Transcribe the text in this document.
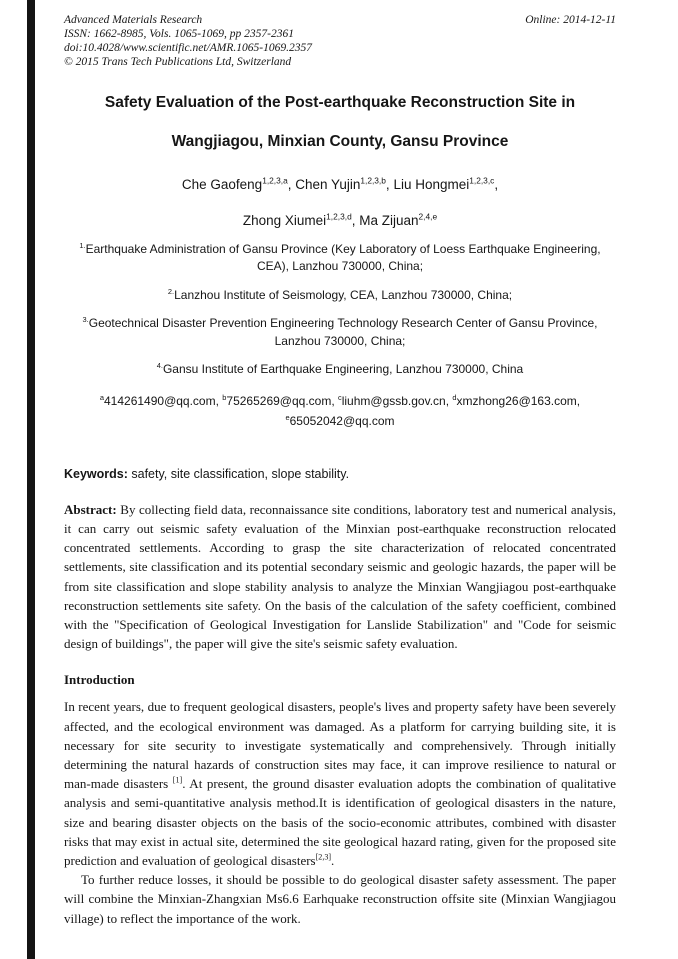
Advanced Materials Research
ISSN: 1662-8985, Vols. 1065-1069, pp 2357-2361
doi:10.4028/www.scientific.net/AMR.1065-1069.2357
© 2015 Trans Tech Publications Ltd, Switzerland
Online: 2014-12-11
Safety Evaluation of the Post-earthquake Reconstruction Site in
Wangjiagou, Minxian County, Gansu Province
Che Gaofeng$^{1,2,3,a}$, Chen Yujin$^{1,2,3,b}$, Liu Hongmei$^{1,2,3,c}$,
Zhong Xiumei$^{1,2,3,d}$, Ma Zijuan$^{2,4,e}$
$^{1.}$Earthquake Administration of Gansu Province (Key Laboratory of Loess Earthquake Engineering, CEA), Lanzhou 730000, China;
$^{2.}$Lanzhou Institute of Seismology, CEA, Lanzhou 730000, China;
$^{3.}$Geotechnical Disaster Prevention Engineering Technology Research Center of Gansu Province, Lanzhou 730000, China;
$^{4.}$Gansu Institute of Earthquake Engineering, Lanzhou 730000, China
$^a$414261490@qq.com, $^b$75265269@qq.com, $^c$liuhm@gssb.gov.cn, $^d$xmzhong26@163.com,
$^e$65052042@qq.com
Keywords: safety, site classification, slope stability.

Abstract: By collecting field data, reconnaissance site conditions, laboratory test and numerical analysis, it can carry out seismic safety evaluation of the Minxian post-earthquake reconstruction relocated concentrated settlements. According to grasp the site characterization of relocated concentrated settlements, site classification and its potential secondary seismic and geologic hazards, the paper will be from site classification and slope stability analysis to analyze the Minxian Wangjiagou post-earthquake reconstruction settlements site safety. On the basis of the calculation of the safety coefficient, combined with the "Specification of Geological Investigation for Lanslide Stabilization" and "Code for seismic design of buildings", the paper will give the site's seismic safety evaluation.

Introduction

In recent years, due to frequent geological disasters, people's lives and property safety have been severely affected, and the ecological environment was damaged. As a platform for carrying building site, it is necessary for site security to investigate systematically and comprehensively. Through initially determining the natural hazards of construction sites may face, it can improve resilience to natural or man-made disasters [1]. At present, the ground disaster evaluation adopts the combination of qualitative analysis and semi-quantitative analysis method.It is identification of geological disasters in the nature, size and bearing disaster objects on the basis of the socio-economic attributes, combined with disaster risks that may exist in actual site, determined the site geological hazard rating, given for the proposed site prediction and evaluation of geological disasters[2,3].

To further reduce losses, it should be possible to do geological disaster safety assessment. The paper will combine the Minxian-Zhangxian Ms6.6 Earhquake reconstruction offsite site (Minxian Wangjiagou village) to reflect the importance of the work.
